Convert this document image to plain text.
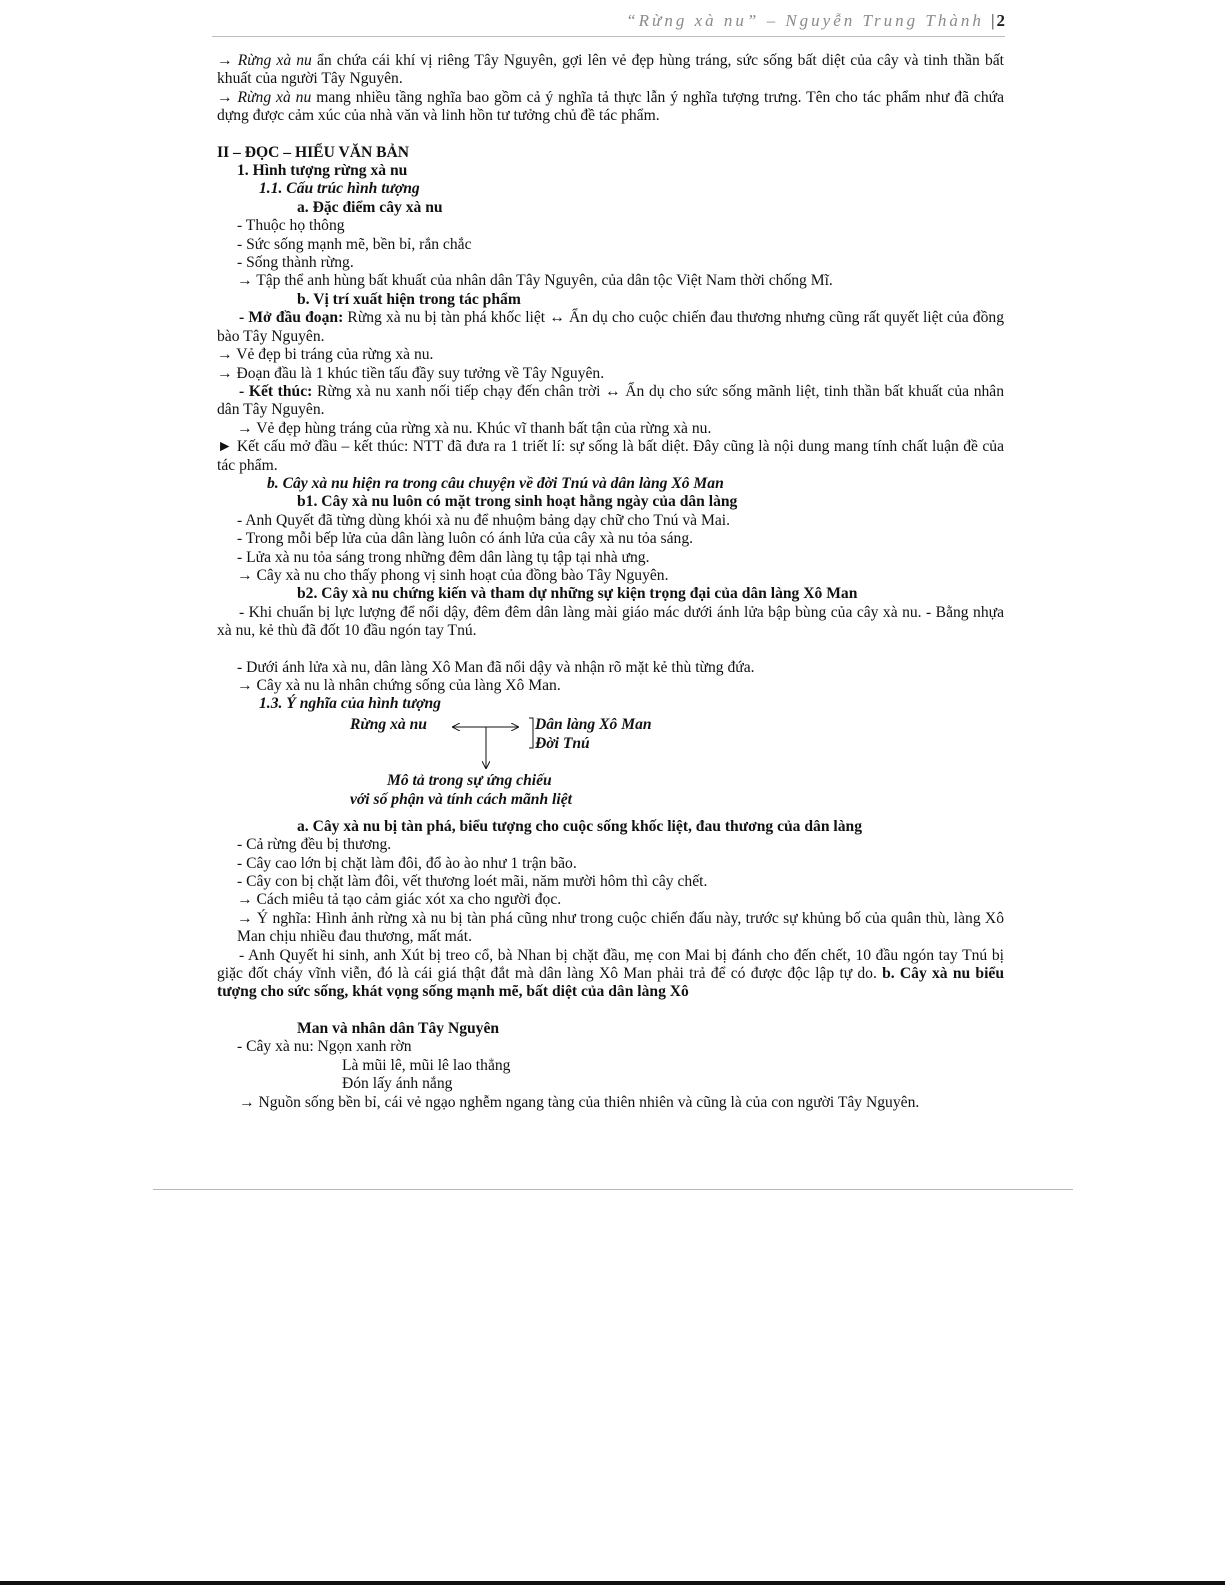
“Rừng xà nu” – Nguyễn Trung Thành | 2

→ Rừng xà nu ẩn chứa cái khí vị riêng Tây Nguyên, gợi lên vẻ đẹp hùng tráng, sức sống bất diệt của cây và tinh thần bất khuất của người Tây Nguyên.

→ Rừng xà nu mang nhiều tầng nghĩa bao gồm cả ý nghĩa tả thực lẫn ý nghĩa tượng trưng. Tên cho tác phẩm như đã chứa dựng được cảm xúc của nhà văn và linh hồn tư tưởng chủ đề tác phẩm.

II – ĐỌC – HIỂU VĂN BẢN

1. Hình tượng rừng xà nu

1.1. Cấu trúc hình tượng

a. Đặc điểm cây xà nu

- Thuộc họ thông

- Sức sống mạnh mẽ, bền bỉ, rắn chắc

- Sống thành rừng.

→ Tập thể anh hùng bất khuất của nhân dân Tây Nguyên, của dân tộc Việt Nam thời chống Mĩ.

b. Vị trí xuất hiện trong tác phẩm

- Mở đầu đoạn: Rừng xà nu bị tàn phá khốc liệt ↔ Ẩn dụ cho cuộc chiến đau thương nhưng cũng rất quyết liệt của đồng bào Tây Nguyên.

→ Vẻ đẹp bi tráng của rừng xà nu.

→ Đoạn đầu là 1 khúc tiền tấu đầy suy tưởng về Tây Nguyên.

- Kết thúc: Rừng xà nu xanh nối tiếp chạy đến chân trời ↔ Ẩn dụ cho sức sống mãnh liệt, tinh thần bất khuất của nhân dân Tây Nguyên.

→ Vẻ đẹp hùng tráng của rừng xà nu. Khúc vĩ thanh bất tận của rừng xà nu.

► Kết cấu mở đầu – kết thúc: NTT đã đưa ra 1 triết lí: sự sống là bất diệt. Đây cũng là nội dung mang tính chất luận đề của tác phẩm.

b. Cây xà nu hiện ra trong câu chuyện về đời Tnú và dân làng Xô Man

b1. Cây xà nu luôn có mặt trong sinh hoạt hằng ngày của dân làng

- Anh Quyết đã từng dùng khói xà nu để nhuộm bảng dạy chữ cho Tnú và Mai.

- Trong mỗi bếp lửa của dân làng luôn có ánh lửa của cây xà nu tỏa sáng.

- Lửa xà nu tỏa sáng trong những đêm dân làng tụ tập tại nhà ưng.

→ Cây xà nu cho thấy phong vị sinh hoạt của đồng bào Tây Nguyên.

b2. Cây xà nu chứng kiến và tham dự những sự kiện trọng đại của dân làng Xô Man

- Khi chuẩn bị lực lượng để nổi dậy, đêm đêm dân làng mài giáo mác dưới ánh lửa bập bùng của cây xà nu. - Bằng nhựa xà nu, kẻ thù đã đốt 10 đầu ngón tay Tnú.

- Dưới ánh lửa xà nu, dân làng Xô Man đã nổi dậy và nhận rõ mặt kẻ thù từng đứa.

→ Cây xà nu là nhân chứng sống của làng Xô Man.

1.3. Ý nghĩa của hình tượng

Rừng xà nu	Dân làng Xô Man
Đời Tnú
Mô tả trong sự ứng chiếu
với số phận và tính cách mãnh liệt

a. Cây xà nu bị tàn phá, biểu tượng cho cuộc sống khốc liệt, đau thương của dân làng

- Cả rừng đều bị thương.

- Cây cao lớn bị chặt làm đôi, đổ ào ào như 1 trận bão.

- Cây con bị chặt làm đôi, vết thương loét mãi, năm mười hôm thì cây chết.

→ Cách miêu tả tạo cảm giác xót xa cho người đọc.

→ Ý nghĩa: Hình ảnh rừng xà nu bị tàn phá cũng như trong cuộc chiến đấu này, trước sự khủng bố của quân thù, làng Xô Man chịu nhiều đau thương, mất mát.

- Anh Quyết hi sinh, anh Xút bị treo cổ, bà Nhan bị chặt đầu, mẹ con Mai bị đánh cho đến chết, 10 đầu ngón tay Tnú bị giặc đốt cháy vĩnh viễn, đó là cái giá thật đắt mà dân làng Xô Man phải trả để có được độc lập tự do. b. Cây xà nu biểu tượng cho sức sống, khát vọng sống mạnh mẽ, bất diệt của dân làng Xô

Man và nhân dân Tây Nguyên

- Cây xà nu: Ngọn xanh rờn

Là mũi lê, mũi lê lao thẳng

Đón lấy ánh nắng

→ Nguồn sống bền bỉ, cái vẻ ngạo nghễm ngang tàng của thiên nhiên và cũng là của con người Tây Nguyên.
